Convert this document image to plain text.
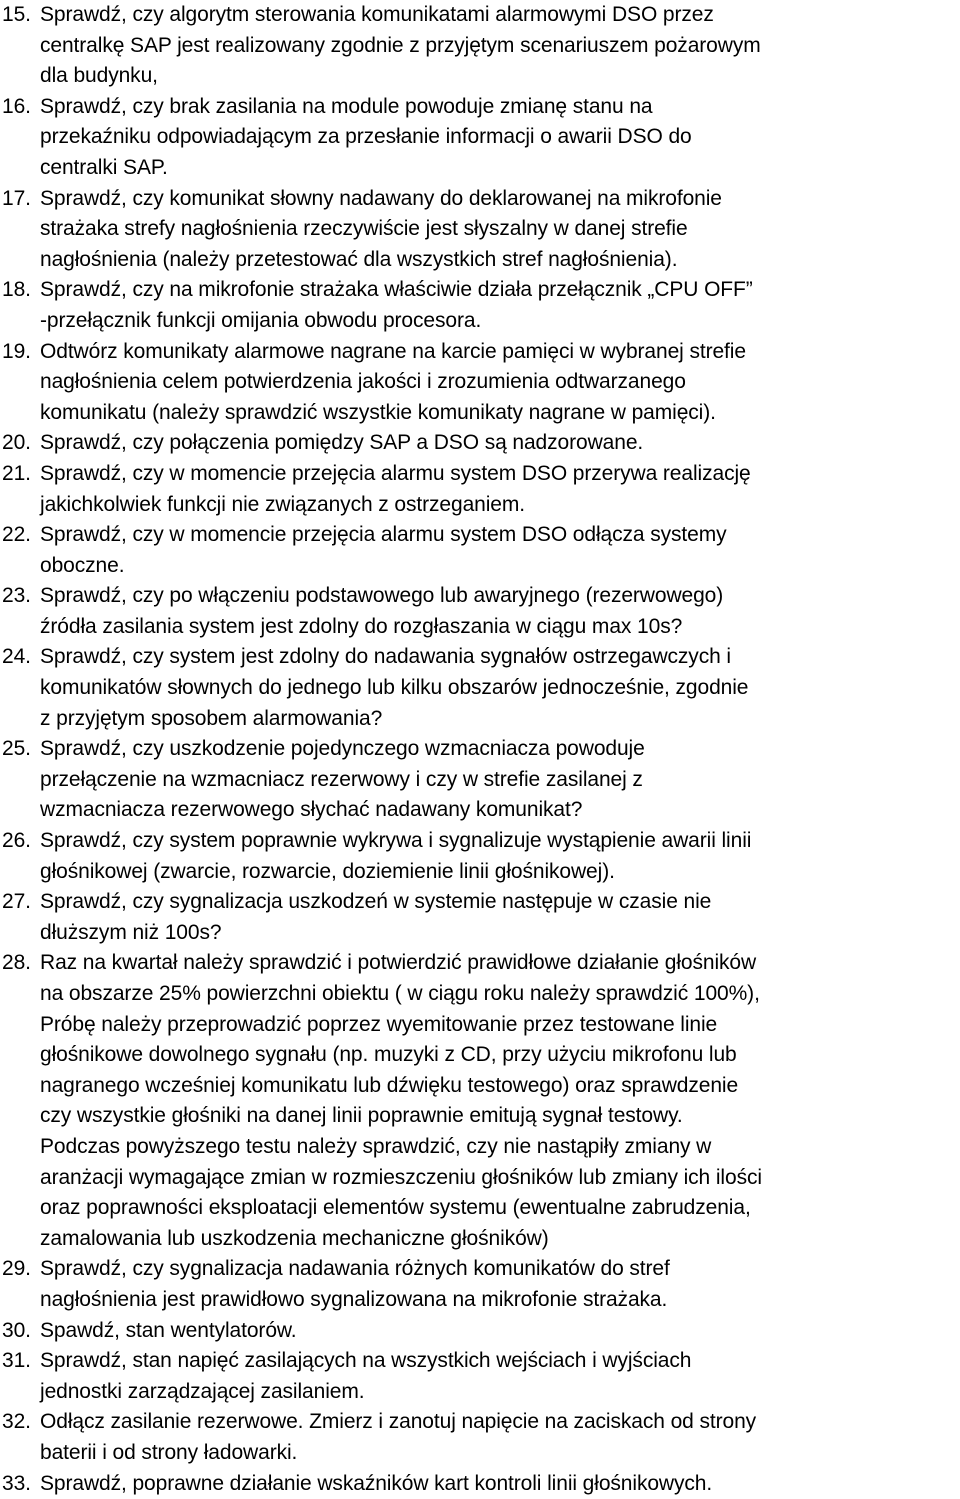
15. Sprawdź, czy algorytm sterowania komunikatami alarmowymi DSO przez
centralkę SAP jest realizowany zgodnie z przyjętym scenariuszem pożarowym
dla budynku,
16. Sprawdź, czy brak zasilania na module powoduje zmianę stanu na
przekaźniku odpowiadającym za przesłanie informacji o awarii DSO do
centralki SAP.
17. Sprawdź, czy komunikat słowny nadawany do deklarowanej na mikrofonie
strażaka strefy nagłośnienia rzeczywiście jest słyszalny w danej strefie
nagłośnienia (należy przetestować dla wszystkich stref nagłośnienia).
18. Sprawdź, czy na mikrofonie strażaka właściwie działa przełącznik „CPU OFF”
-przełącznik funkcji omijania obwodu procesora.
19. Odtwórz komunikaty alarmowe nagrane na karcie pamięci w wybranej strefie
nagłośnienia celem potwierdzenia jakości i zrozumienia odtwarzanego
komunikatu (należy sprawdzić wszystkie komunikaty nagrane w pamięci).
20. Sprawdź, czy połączenia pomiędzy SAP a DSO są nadzorowane.
21. Sprawdź, czy w momencie przejęcia alarmu system DSO przerywa realizację
jakichkolwiek funkcji nie związanych z ostrzeganiem.
22. Sprawdź, czy w momencie przejęcia alarmu system DSO odłącza systemy
oboczne.
23. Sprawdź, czy po włączeniu podstawowego lub awaryjnego (rezerwowego)
źródła zasilania system jest zdolny do rozgłaszania w ciągu max 10s?
24. Sprawdź, czy system jest zdolny do nadawania sygnałów ostrzegawczych i
komunikatów słownych do jednego lub kilku obszarów jednocześnie, zgodnie
z przyjętym sposobem alarmowania?
25. Sprawdź, czy uszkodzenie pojedynczego wzmacniacza powoduje
przełączenie na wzmacniacz rezerwowy i czy w strefie zasilanej z
wzmacniacza rezerwowego słychać nadawany komunikat?
26. Sprawdź, czy system poprawnie wykrywa i sygnalizuje wystąpienie awarii linii
głośnikowej (zwarcie, rozwarcie, doziemienie linii głośnikowej).
27. Sprawdź, czy sygnalizacja uszkodzeń w systemie następuje w czasie nie
dłuższym niż 100s?
28. Raz na kwartał należy sprawdzić i potwierdzić prawidłowe działanie głośników
na obszarze 25% powierzchni obiektu ( w ciągu roku należy sprawdzić 100%),
Próbę należy przeprowadzić poprzez wyemitowanie przez testowane linie
głośnikowe dowolnego sygnału (np. muzyki z CD, przy użyciu mikrofonu lub
nagranego wcześniej komunikatu lub dźwięku testowego) oraz sprawdzenie
czy wszystkie głośniki na danej linii poprawnie emitują sygnał testowy.
Podczas powyższego testu należy sprawdzić, czy nie nastąpiły zmiany w
aranżacji wymagające zmian w rozmieszczeniu głośników lub zmiany ich ilości
oraz poprawności eksploatacji elementów systemu (ewentualne zabrudzenia,
zamalowania lub uszkodzenia mechaniczne głośników)
29. Sprawdź, czy sygnalizacja nadawania różnych komunikatów do stref
nagłośnienia jest prawidłowo sygnalizowana na mikrofonie strażaka.
30. Spawdź, stan wentylatorów.
31. Sprawdź, stan napięć zasilających na wszystkich wejściach i wyjściach
jednostki zarządzającej zasilaniem.
32. Odłącz zasilanie rezerwowe. Zmierz i zanotuj napięcie na zaciskach od strony
baterii i od strony ładowarki.
33. Sprawdź, poprawne działanie wskaźników kart kontroli linii głośnikowych.
